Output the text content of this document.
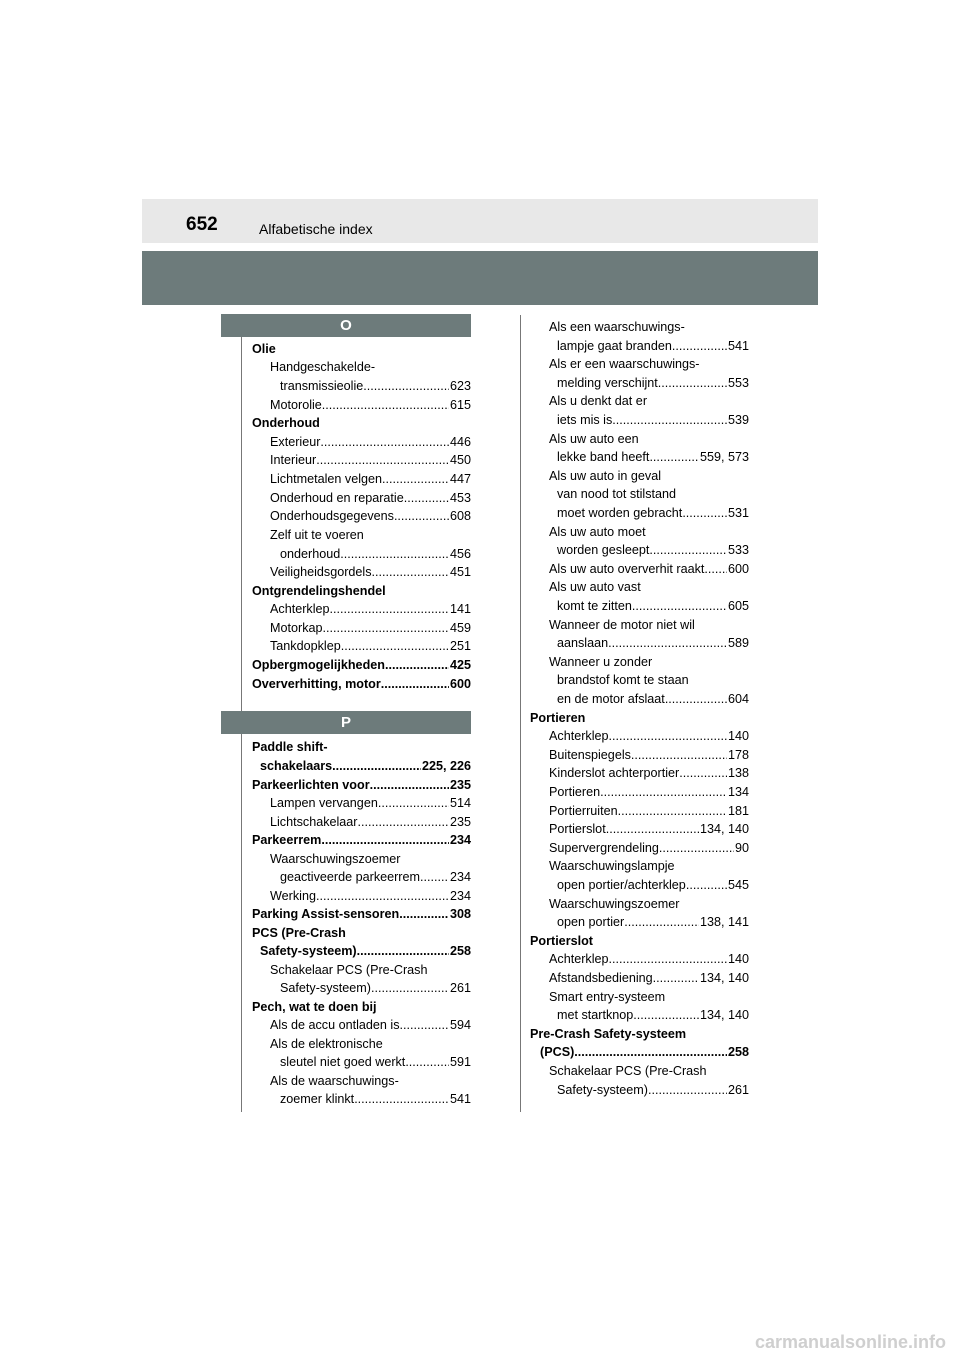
652	Alfabetische index
O
P
Olie
Handgeschakelde-
transmissieolie .....	623
Motorolie .....	615
Onderhoud
Exterieur .....	446
Interieur .....	450
Lichtmetalen velgen .....	447
Onderhoud en reparatie .....	453
Onderhoudsgegevens .....	608
Zelf uit te voeren
onderhoud .....	456
Veiligheidsgordels .....	451
Ontgrendelingshendel
Achterklep .....	141
Motorkap .....	459
Tankdopklep .....	251
Opbergmogelijkheden .....	425
Oververhitting, motor .....	600
Paddle shift-
schakelaars .....	225, 226
Parkeerlichten voor .....	235
Lampen vervangen .....	514
Lichtschakelaar .....	235
Parkeerrem .....	234
Waarschuwingszoemer
geactiveerde parkeerrem ..... 234
Werking .....	234
Parking Assist-sensoren .....	308
PCS (Pre-Crash
Safety-systeem) .....	258
Schakelaar PCS (Pre-Crash
Safety-systeem) .....	261
Pech, wat te doen bij
Als de accu ontladen is .....	594
Als de elektronische
sleutel niet goed werkt .....	591
Als de waarschuwings-
zoemer klinkt .....	541
Als een waarschuwings-
lampje gaat branden .....	541
Als er een waarschuwings-
melding verschijnt .....	553
Als u denkt dat er
iets mis is .....	539
Als uw auto een
lekke band heeft .....	559, 573
Als uw auto in geval
van nood tot stilstand
moet worden gebracht .....	531
Als uw auto moet
worden gesleept .....	533
Als uw auto oververhit raakt ..... 600
Als uw auto vast
komt te zitten .....	605
Wanneer de motor niet wil
aanslaan .....	589
Wanneer u zonder
brandstof komt te staan
en de motor afslaat .....	604
Portieren
Achterklep .....	140
Buitenspiegels .....	178
Kinderslot achterportier .....	138
Portieren .....	134
Portierruiten .....	181
Portierslot .....	134, 140
Supervergrendeling .....	90
Waarschuwingslampje
open portier/achterklep .....	545
Waarschuwingszoemer
open portier .....	138, 141
Portierslot
Achterklep .....	140
Afstandsbediening .....	134, 140
Smart entry-systeem
met startknop .....	134, 140
Pre-Crash Safety-systeem
(PCS) .....	258
Schakelaar PCS (Pre-Crash
Safety-systeem) .....	261
carmanualsonline.info
